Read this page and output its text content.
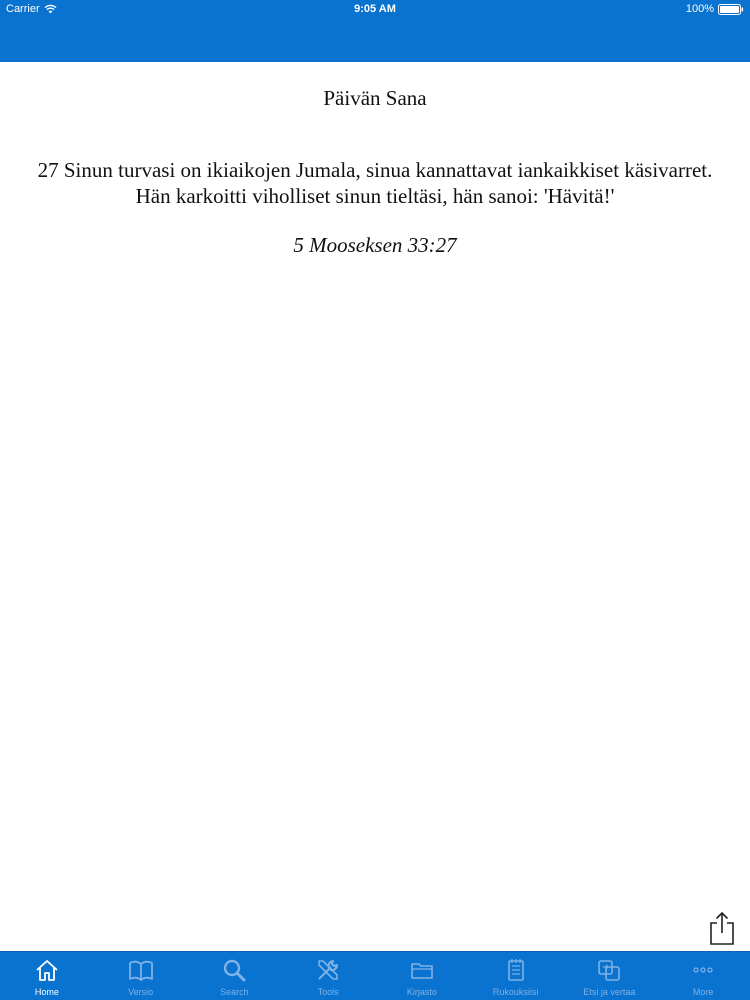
Carrier	9:05 AM	100%
Päivän Sana

27 Sinun turvasi on ikiaikojen Jumala, sinua kannattavat iankaikkiset käsivarret. Hän karkoitti viholliset sinun tieltäsi, hän sanoi: 'Hävitä!'

5 Mooseksen 33:27

Home	Versio	Search	Tools	Kirjasto	Rukouksiisi	Etsi ja vertaa	More
